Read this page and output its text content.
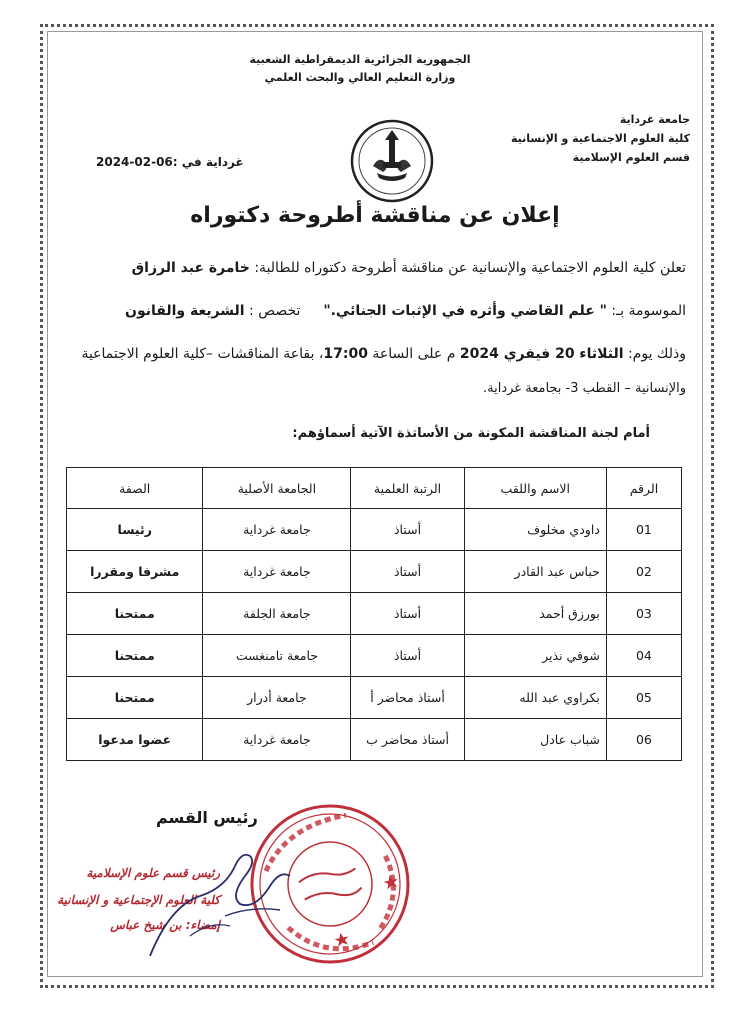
الجمهورية الجزائرية الديمقراطية الشعبية
وزارة التعليم العالي والبحث العلمي
جامعة غرداية
كلية العلوم الاجتماعية و الإنسانية
قسم العلوم الإسلامية
غرداية في :06-02-2024
إعلان عن مناقشة أطروحة دكتوراه
تعلن كلية العلوم الاجتماعية والإنسانية عن مناقشة أطروحة دكتوراه للطالبة: خامرة عبد الرزاق
الموسومة بـ: " علم القاضي وأثره في الإثبات الجنائي."
تخصص : الشريعة والقانون
وذلك يوم: الثلاثاء 20 فيفري 2024 م على الساعة 17:00، بقاعة المناقشات –كلية العلوم الاجتماعية
والإنسانية – القطب 3- بجامعة غرداية.
أمام لجنة المناقشة المكونة من الأساتذة الآتية أسماؤهم:
الرقم	الاسم واللقب	الرتبة العلمية	الجامعة الأصلية	الصفة
01	داودي مخلوف	أستاذ	جامعة غرداية	رئيسا
02	حباس عبد القادر	أستاذ	جامعة غرداية	مشرفا ومقررا
03	بورزق أحمد	أستاذ	جامعة الجلفة	ممتحنا
04	شوقي نذير	أستاذ	جامعة تامنغست	ممتحنا
05	بكراوي عبد الله	أستاذ محاضر أ	جامعة أدرار	ممتحنا
06	شباب عادل	أستاذ محاضر ب	جامعة غرداية	عضوا مدعوا
رئيس القسم
رئيس قسم علوم الإسلامية
كلية العلوم الإجتماعية و الإنسانية
إمضاء: بن شيخ عباس
